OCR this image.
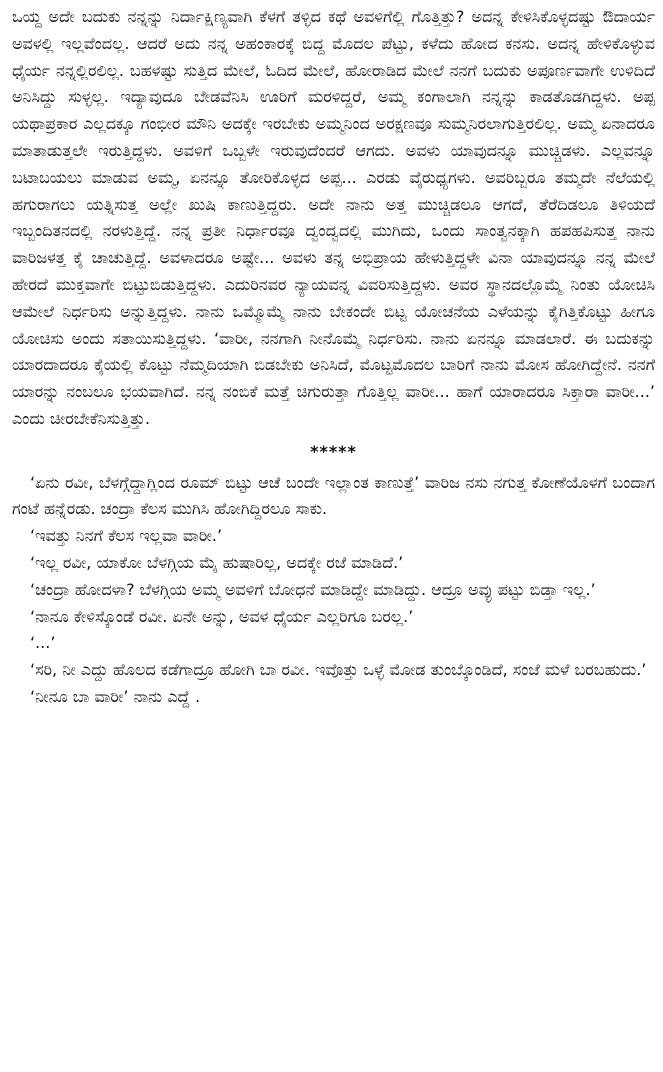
ಒಯ್ದ ಅದೇ ಬದುಕು ನನ್ನನ್ನು ನಿರ್ದಾಕ್ಷಿಣ್ಯವಾಗಿ ಕೆಳಗೆ ತಳ್ಳಿದ ಕಥೆ ಅವಳಿಗೆಲ್ಲಿ ಗೊತ್ತಿತ್ತು? ಅದನ್ನ ಕೇಳಿಸಿಕೊಳ್ಳದಷ್ಟು ಔದಾರ್ಯ ಅವಳಲ್ಲಿ ಇಲ್ಲವೆಂದಲ್ಲ. ಆದರೆ ಅದು ನನ್ನ ಅಹಂಕಾರಕ್ಕೆ ಬಿದ್ದ ಮೊದಲ ಪೆಟ್ಟು, ಕಳೆದು ಹೋದ ಕನಸು. ಅದನ್ನ ಹೇಳಿಕೊಳ್ಳುವ ಧೈರ್ಯ ನನ್ನಲ್ಲಿರಲಿಲ್ಲ. ಬಹಳಷ್ಟು ಸುತ್ತಿದ ಮೇಲೆ, ಓದಿದ ಮೇಲೆ, ಹೋರಾಡಿದ ಮೇಲೆ ನನಗೆ ಬದುಕು ಅಪೂರ್ಣವಾಗೇ ಉಳಿದಿದೆ ಅನಿಸಿದ್ದು ಸುಳ್ಳಲ್ಲ. ಇದ್ಯಾವುದೂ ಬೇಡವೆನಿಸಿ ಊರಿಗೆ ಮರಳಿದ್ದರೆ, ಅಮ್ಮ ಕಂಗಾಲಾಗಿ ನನ್ನನ್ನು ಕಾಡತೊಡಗಿದ್ದಳು. ಅಪ್ಪ ಯಥಾಪ್ರಕಾರ ಎಲ್ಲದಕ್ಕೂ ಗಂಭೀರ ಮೌನಿ ಅದಕ್ಕೇ ಇರಬೇಕು ಅಮ್ಮನಿಂದ ಅರಕ್ಷಣವೂ ಸುಮ್ಮನಿರಲಾಗುತ್ತಿರಲಿಲ್ಲ. ಅಮ್ಮ ಏನಾದರೂ ಮಾತಾಡುತ್ತಲೇ ಇರುತ್ತಿದ್ದಳು. ಅವಳಿಗೆ ಒಬ್ಬಳೇ ಇರುವುದೆಂದರೆ ಆಗದು. ಅವಳು ಯಾವುದನ್ನೂ ಮುಚ್ಚಿಡಳು. ಎಲ್ಲವನ್ನೂ ಬಟಾಬಯಲು ಮಾಡುವ ಅಮ್ಮ, ಏನನ್ನೂ ತೋರಿಕೊಳ್ಳದ ಅಪ್ಪ... ಎರಡು ವೈರುಧ್ಯಗಳು. ಅವರಿಬ್ಬರೂ ತಮ್ಮದೇ ನೆಲೆಯಲ್ಲಿ ಹಗುರಾಗಲು ಯತ್ನಿಸುತ್ತ ಅಲ್ಲೇ ಖುಷಿ ಕಾಣುತ್ತಿದ್ದರು. ಅದೇ ನಾನು ಅತ್ತ ಮುಚ್ಚಿಡಲೂ ಆಗದೆ, ತೆರೆದಿಡಲೂ ತಿಳಿಯದೆ ಇಬ್ಬಂದಿತನದಲ್ಲಿ ನರಳುತ್ತಿದ್ದೆ. ನನ್ನ ಪ್ರತೀ ನಿರ್ಧಾರವೂ ದ್ವಂದ್ವದಲ್ಲಿ ಮುಗಿದು, ಒಂದು ಸಾಂತ್ವನಕ್ಕಾಗಿ ಹಪಹಪಿಸುತ್ತ ನಾನು ವಾರಿಜಳತ್ತ ಕೈ ಚಾಚುತ್ತಿದ್ದೆ. ಅವಳಾದರೂ ಅಷ್ಟೇ... ಅವಳು ತನ್ನ ಅಭಿಪ್ರಾಯ ಹೇಳುತ್ತಿದ್ದಳೇ ವಿನಾ ಯಾವುದನ್ನೂ ನನ್ನ ಮೇಲೆ ಹೇರದೆ ಮುಕ್ತವಾಗೇ ಬಿಟ್ಟುಬಿಡುತ್ತಿದ್ದಳು. ಎದುರಿನವರ ನ್ಯಾಯವನ್ನ ವಿವರಿಸುತ್ತಿದ್ದಳು. ಅವರ ಸ್ಥಾನದಲ್ಲೊಮ್ಮೆ ನಿಂತು ಯೋಚಿಸಿ ಆಮೇಲೆ ನಿರ್ಧರಿಸು ಅನ್ನುತ್ತಿದ್ದಳು. ನಾನು ಒಮ್ಮೊಮ್ಮೆ ನಾನು ಬೇಕಂದೇ ಬಿಟ್ಟ ಯೋಚನೆಯ ಎಳೆಯನ್ನು ಕೈಗಿತ್ತಿಕೊಟ್ಟು ಹೀಗೂ ಯೋಚಿಸು ಅಂದು ಸತಾಯಿಸುತ್ತಿದ್ದಳು. ‘ವಾರೀ, ನನಗಾಗಿ ನೀನೊಮ್ಮೆ ನಿರ್ಧರಿಸು. ನಾನು ಏನನ್ನೂ ಮಾಡಲಾರೆ. ಈ ಬದುಕನ್ನು ಯಾರದಾದರೂ ಕೈಯಲ್ಲಿ ಕೊಟ್ಟು ನೆಮ್ಮದಿಯಾಗಿ ಬಿಡಬೇಕು ಅನಿಸಿದೆ, ಮೊಟ್ಟಮೊದಲ ಬಾರಿಗೆ ನಾನು ಮೋಸ ಹೋಗಿದ್ದೇನೆ. ನನಗೆ ಯಾರನ್ನು ನಂಬಲೂ ಭಯವಾಗಿದೆ. ನನ್ನ ನಂಬಿಕೆ ಮತ್ತೆ ಚಿಗುರುತ್ತಾ ಗೊತ್ತಿಲ್ಲ ವಾರೀ... ಹಾಗೆ ಯಾರಾದರೂ ಸಿಕ್ತಾರಾ ವಾರೀ...’ ಎಂದು ಚೀರಬೇಕೆನಿಸುತ್ತಿತ್ತು.

*****

‘ಏನು ರವೀ, ಬೆಳಗ್ಗೆದ್ದಾಗ್ಲಿಂದ ರೂಮ್ ಬಿಟ್ಟು ಆಚೆ ಬಂದೇ ಇಲ್ಲಾಂತ ಕಾಣುತ್ತೆ’ ವಾರಿಜ ನಸು ನಗುತ್ತ ಕೋಣೆಯೊಳಗೆ ಬಂದಾಗ ಗಂಟೆ ಹನ್ನೆರಡು. ಚಂದ್ರಾ ಕೆಲಸ ಮುಗಿಸಿ ಹೋಗಿದ್ದಿರಲೂ ಸಾಕು.

‘ಇವತ್ತು ನಿನಗೆ ಕೆಲಸ ಇಲ್ಲವಾ ವಾರೀ.’

‘ಇಲ್ಲ ರವೀ, ಯಾಕೋ ಬೆಳಗ್ಗಿಯ ಮೈ ಹುಷಾರಿಲ್ಲ, ಅದಕ್ಕೇ ರಜೆ ಮಾಡಿದೆ.’

‘ಚಂದ್ರಾ ಹೋದಳಾ? ಬೆಳಗ್ಗಿಯ ಅಮ್ಮ ಅವಳಿಗೆ ಬೋಧನೆ ಮಾಡಿದ್ದೇ ಮಾಡಿದ್ದು. ಆದ್ರೂ ಅವ್ಳು ಪಟ್ಟು ಬಿಡ್ತಾ ಇಲ್ಲ.’

‘ನಾನೂ ಕೇಳಿಸ್ಕೊಂಡೆ ರವೀ. ಏನೇ ಅನ್ನು, ಅವಳ ಧೈರ್ಯ ಎಲ್ಲರಿಗೂ ಬರಲ್ಲ.’

‘...’

‘ಸರಿ, ನೀ ಎದ್ದು ಹೊಲದ ಕಡೆಗಾದ್ರೂ ಹೋಗಿ ಬಾ ರವೀ. ಇವೊತ್ತು ಒಳ್ಳೆ ಮೋಡ ತುಂಬ್ಕೊಂಡಿದೆ, ಸಂಜೆ ಮಳೆ ಬರಬಹುದು.’

‘ನೀನೂ ಬಾ ವಾರೀ’ ನಾನು ಎದ್ದೆ .
